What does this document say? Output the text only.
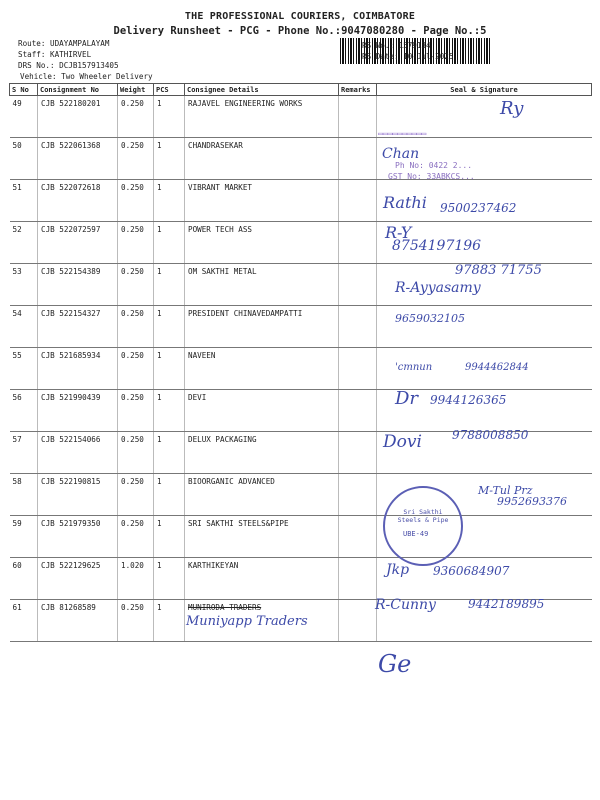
THE PROFESSIONAL COURIERS, COIMBATORE
Delivery Runsheet - PCG - Phone No.:9047080280 - Page No.:5
Route: UDAYAMPALAYAM
Staff: KATHIRVEL
DRS No.: DCJB157913405
Vehicle: Two Wheeler Delivery
RS No.: 1579134
RS Date: 10-Jul-2025
S No	Consignment No	Weight	PCS	Consignee Details	Remarks	Seal & Signature
49	CJB 522180201	0.250	1	RAJAVEL ENGINEERING WORKS		
50	CJB 522061368	0.250	1	CHANDRASEKAR		
51	CJB 522072618	0.250	1	VIBRANT MARKET		
52	CJB 522072597	0.250	1	POWER TECH ASS		
53	CJB 522154389	0.250	1	OM SAKTHI METAL		
54	CJB 522154327	0.250	1	PRESIDENT CHINAVEDAMPATTI		
55	CJB 521685934	0.250	1	NAVEEN		
56	CJB 521990439	0.250	1	DEVI		
57	CJB 522154066	0.250	1	DELUX PACKAGING		
58	CJB 522190815	0.250	1	BIOORGANIC ADVANCED		
59	CJB 521979350	0.250	1	SRI SAKTHI STEELS&PIPE		
60	CJB 522129625	1.020	1	KARTHIKEYAN		
61	CJB 81268589	0.250	1	MUNIRODA TRADERS		
▭▭▭▭▭▭▭▭▭▭
Ry
Chan
Ph No: 0422 2...
GST No: 33ABKCS...
Rathi 9500237462
R-Y
8754197196
97883 71755
R-Ayyasamy
9659032105
'cmnun	9944462844
Dr 9944126365
Dovi	9788008850
M-Tul Prz
9952693376
Sri Sakthi Steels & Pipe
UBE-49
Jkp 9360684907
R-Cunny	9442189895
Muniyapp Traders
Ge
